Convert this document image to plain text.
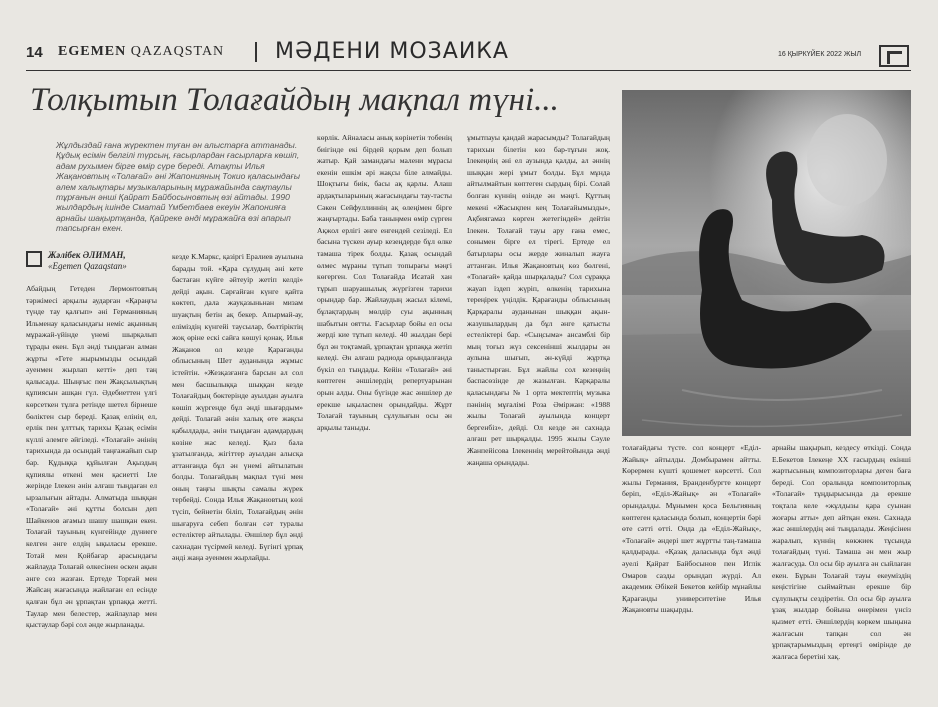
14 EGEMEN QAZAQSTAN МӘДЕНИ МОЗАИКА	16 ҚЫРКҮЙЕК 2022 ЖЫЛ
Толқытып Толағайдың мақпал түні...
Жұлдыздай ғана жүректен туған ән алыстарға аттанады. Құдық есімін белгілі түрсың, ғасырлардан ғасырларға көшіп, адам рухымен бірге өмір сүре береді. Атақты Илья Жақановтың «Толағай» әні Жапонияның Токио қаласындағы әлем халықтары музыкаларының мұражайында сақтаулы тұрғанын әнші Қайрат Байбосыновтың өзі айтады. 1990 жылдардың ішінде Сматай Үмбетбаев екеуін Жапонияға арнайы шақыртқанда, Қайреке әнді мұражайға өзі апарып тапсырған екен.
Жәлібек ӘЛИМАН,
«Egemen Qazaqstan»
Абайдың Гетеден Лермонтовтың тәржімесі арқылы аударған «Қараңғы түнде тау қалғып» әні Германияның Ильменау қаласындағы неміс ақынның мұражай-үйінде үнемі шырқалып тұрады екен. Бұл әнді тыңдаған алман жұрты «Гете жырымызды осындай әуенмен жырлап кетті» деп таң қалысады. Шыңғыс пен Жақсылықтың құпиясын ашқан гүл. Әдебиеттен үлгі көрсеткен тұлға ретінде шетел бірнеше бөліктен сыр береді. Қазақ елінің ел, ерлік пен ұлттық тарихы Қазақ есімін күллі әлемге әйгіледі. «Толағай» әнінің тарихында да осындай таңғажайып сыр бар. Құдыққа құйылған Ақыздың құпиялы өткені мен қасиетті Іле жерінде Ілекен әнін алғаш тыңдаған ел ырзалығын айтады. Алматыда шыққан «Толағай» әні құтты болсын деп Шайкенов ағамыз шашу шашқан екен. Толағай тауының күнгейінде дүниеге келген әнге елдің ықыласы ерекше. Тотай мен Қойбағар арасындағы жайлауда Толағай өлкесінен өскен ақын әнге сөз жазған. Ертеде Торғай мен Жайсаң жағасында жайлаған ел есінде қалған бұл ән ұрпақтан ұрпаққа жетті. Таулар мен белестер, жайлаулар мен қыстаулар бәрі сол әнде жырланады.
кезде К.Маркс, қазіргі Ералиев ауылына барады той. «Қара сұлудың әні кете бастаған күйге әйтеуір жетіп келді» дейді ақын. Сарғайған күнге қайта көктеп, дала жауқазыньнан мизам шуақтың бетін ақ бекер. Апырмай-ау, еліміздің күнгейі таусылар, бөлтіріктің жоқ өріне ескі сайға көшуі қонақ. Илья Жақанов ол кезде Қарағанды облысының Шет ауданында жұмыс істейтін. «Жезқазғанға барсын ал сол мен басшылыққа шыққан кезде Толағайдың бөктерінде ауылдан ауылға көшіп жүргенде бұл әнді шығардым» дейді. Толағай әнін халық өте жақсы қабылдады, әнін тыңдаған адамдардың көзіне жас келеді. Қыз бала ұзатылғанда, жігіттер ауылдан алысқа аттанғанда бұл ән үнемі айтылатын болды. Толағайдың мақпал түні мен оның таңғы шықты самалы жүрек тербейді. Сонда Илья Жақановтың көзі түсіп, бейнетін біліп, Толағайдың әнін шығаруға себеп болған сәт туралы естеліктер айтылады. Әншілер бұл әнді сахнадан түсірмей келеді. Бүгінгі ұрпақ әнді жаңа әуенмен жырлайды.
көрлік. Айналасы анық көрінетін тобенің биігінде екі бірдей қорым деп болып жатыр. Қай замандағы малени мұрасы екенін ешкім әрі жақсы біле алмайды. Шоқтығы биік, басы ақ қарлы. Алаш ардақтыларының жағасындағы тау-тасты Сәкен Сейфуллиннің ақ өлеңімен бірге жаңғыртады. Баба таныңмен өмір сүрген Ақжол ерлігі әнге енгендей сезіледі. Ел басына түскен ауыр кезеңдерде бұл өлке тамаша тірек болды. Қазақ осындай өлмес мұраны тұтып топырағы мәңгі көгерген. Сол Толағайда Исатай хан тұрып шаруашылық жүргізген тарихи орындар бар. Жайлаудың жасыл кілемі, бұлақтардың мөлдір суы ақынның шабытын оятты. Ғасырлар бойы ел осы жерді кие тұтып келеді. 40 жылдан бері бұл ән тоқтамай, ұрпақтан ұрпаққа жетіп келеді. Ән алғаш радиода орындалғанда бүкіл ел тыңдады. Кейін «Толағай» әні көптеген әншілердің репертуарынан орын алды. Оны бүгінде жас әншілер де ерекше ықыласпен орындайды. Жұрт Толағай тауының сұлулығын осы ән арқылы таныды.
ұмытпауы қандай жарасымды? Толағайдың тарихын білетін көз бар-тұғын жоқ. Ілекеңнің әні ел аузында қалды, ал әннің шыққан жері ұмыт болды. Бұл мұнда айтылмайтын көптеген сырдың бірі. Солай болған күннің өзінде ән мәңгі. Құттың мекені «Жасықпен кең Толағайымызды», Ақбиягамаз көрген жетегіндей» дейтін Ілекен. Толағай тауы ару ғана емес, сонымен бірге ел тірегі. Ертеде ел батырлары осы жерде жиналып жауға аттанған. Илья Жақановтың көз бөлгені, «Толағай» қайда шырқалады? Сол сұраққа жауап іздеп жүріп, өлкенің тарихына тереңірек үңілдік. Қарағанды облысының Қарқаралы ауданынан шыққан ақын-жазушылардың да бұл әнге қатысты естеліктері бар. «Сыңсыма» ансамблі бір мың тоғыз жүз сексенінші жылдары ән аулына шығып, ән-күйді жұртқа таныстырған. Бұл жайлы сол кезеңнің баспасөзінде де жазылған. Карқаралы қаласындағы № 1 орта мектептің музыка пәнінің мұғалімі Роза Әміржан: «1988 жылы Толағай ауылында концерт бергенбіз», дейді. Ол кезде ән сахнада алғаш рет шырқалды. 1995 жылы Сәуле Жанпейісова Ілекеннің мерейтойында әнді жаңаша орындады.
толағайдағы түсте. сол концерт «Еділ-Жайық» айтылды. Домбырамен айтты. Көрермен күшті қошемет көрсетті. Сол жылы Германия, Бранденбургте концерт беріп, «Еділ-Жайық» ән «Толағай» орындалды. Мұнымен қоса Бельгияның көптеген қаласында болып, концертін бәрі өте сәтті өтті. Онда да «Еділ-Жайық», «Толағай» әндері шет жұртты таң-тамаша қалдырады. «Қазақ даласында бұл әнді әуелі Қайрат Байбосынов пен Иглік Омаров сазды орындап жүрді. Ал академик Әбікей Бекетов кейбір мұнайлы Қарағанды университетіне Илья Жақановты шақырды.
арнайы шақырып, кездесу өткізді. Сонда Е.Бекетов Ілекеңе ХХ ғасырдың екінші жартысының композиторлары деген баға береді. Сол оралында композиторлық «Толағай» тұңдырысында да ерекше тоқтала келе «жұлдызы қара суынан жоғары атты» деп айтқан екен. Сахнада жас әншілердің әні тыңдалады. Жеңісінен жаралып, күннің көкжиек тұсында толағайдың түні. Тамаша ән мен жыр жалғасуда. Ол осы бір ауылға ән сыйлаған екен. Бұрын Толағай тауы екеуміздің кеңістігіне сыймайтын ерекше бір сұлулықты сездіретін. Ол осы бір ауылға ұзақ жылдар бойына өнерімен үнсіз қызмет етті. Әншілердің көркем шыңына жалғасын тапқан сол ән ұрпақтарымыздың ертеңгі өмірінде де жалғаса беретіні хақ.
